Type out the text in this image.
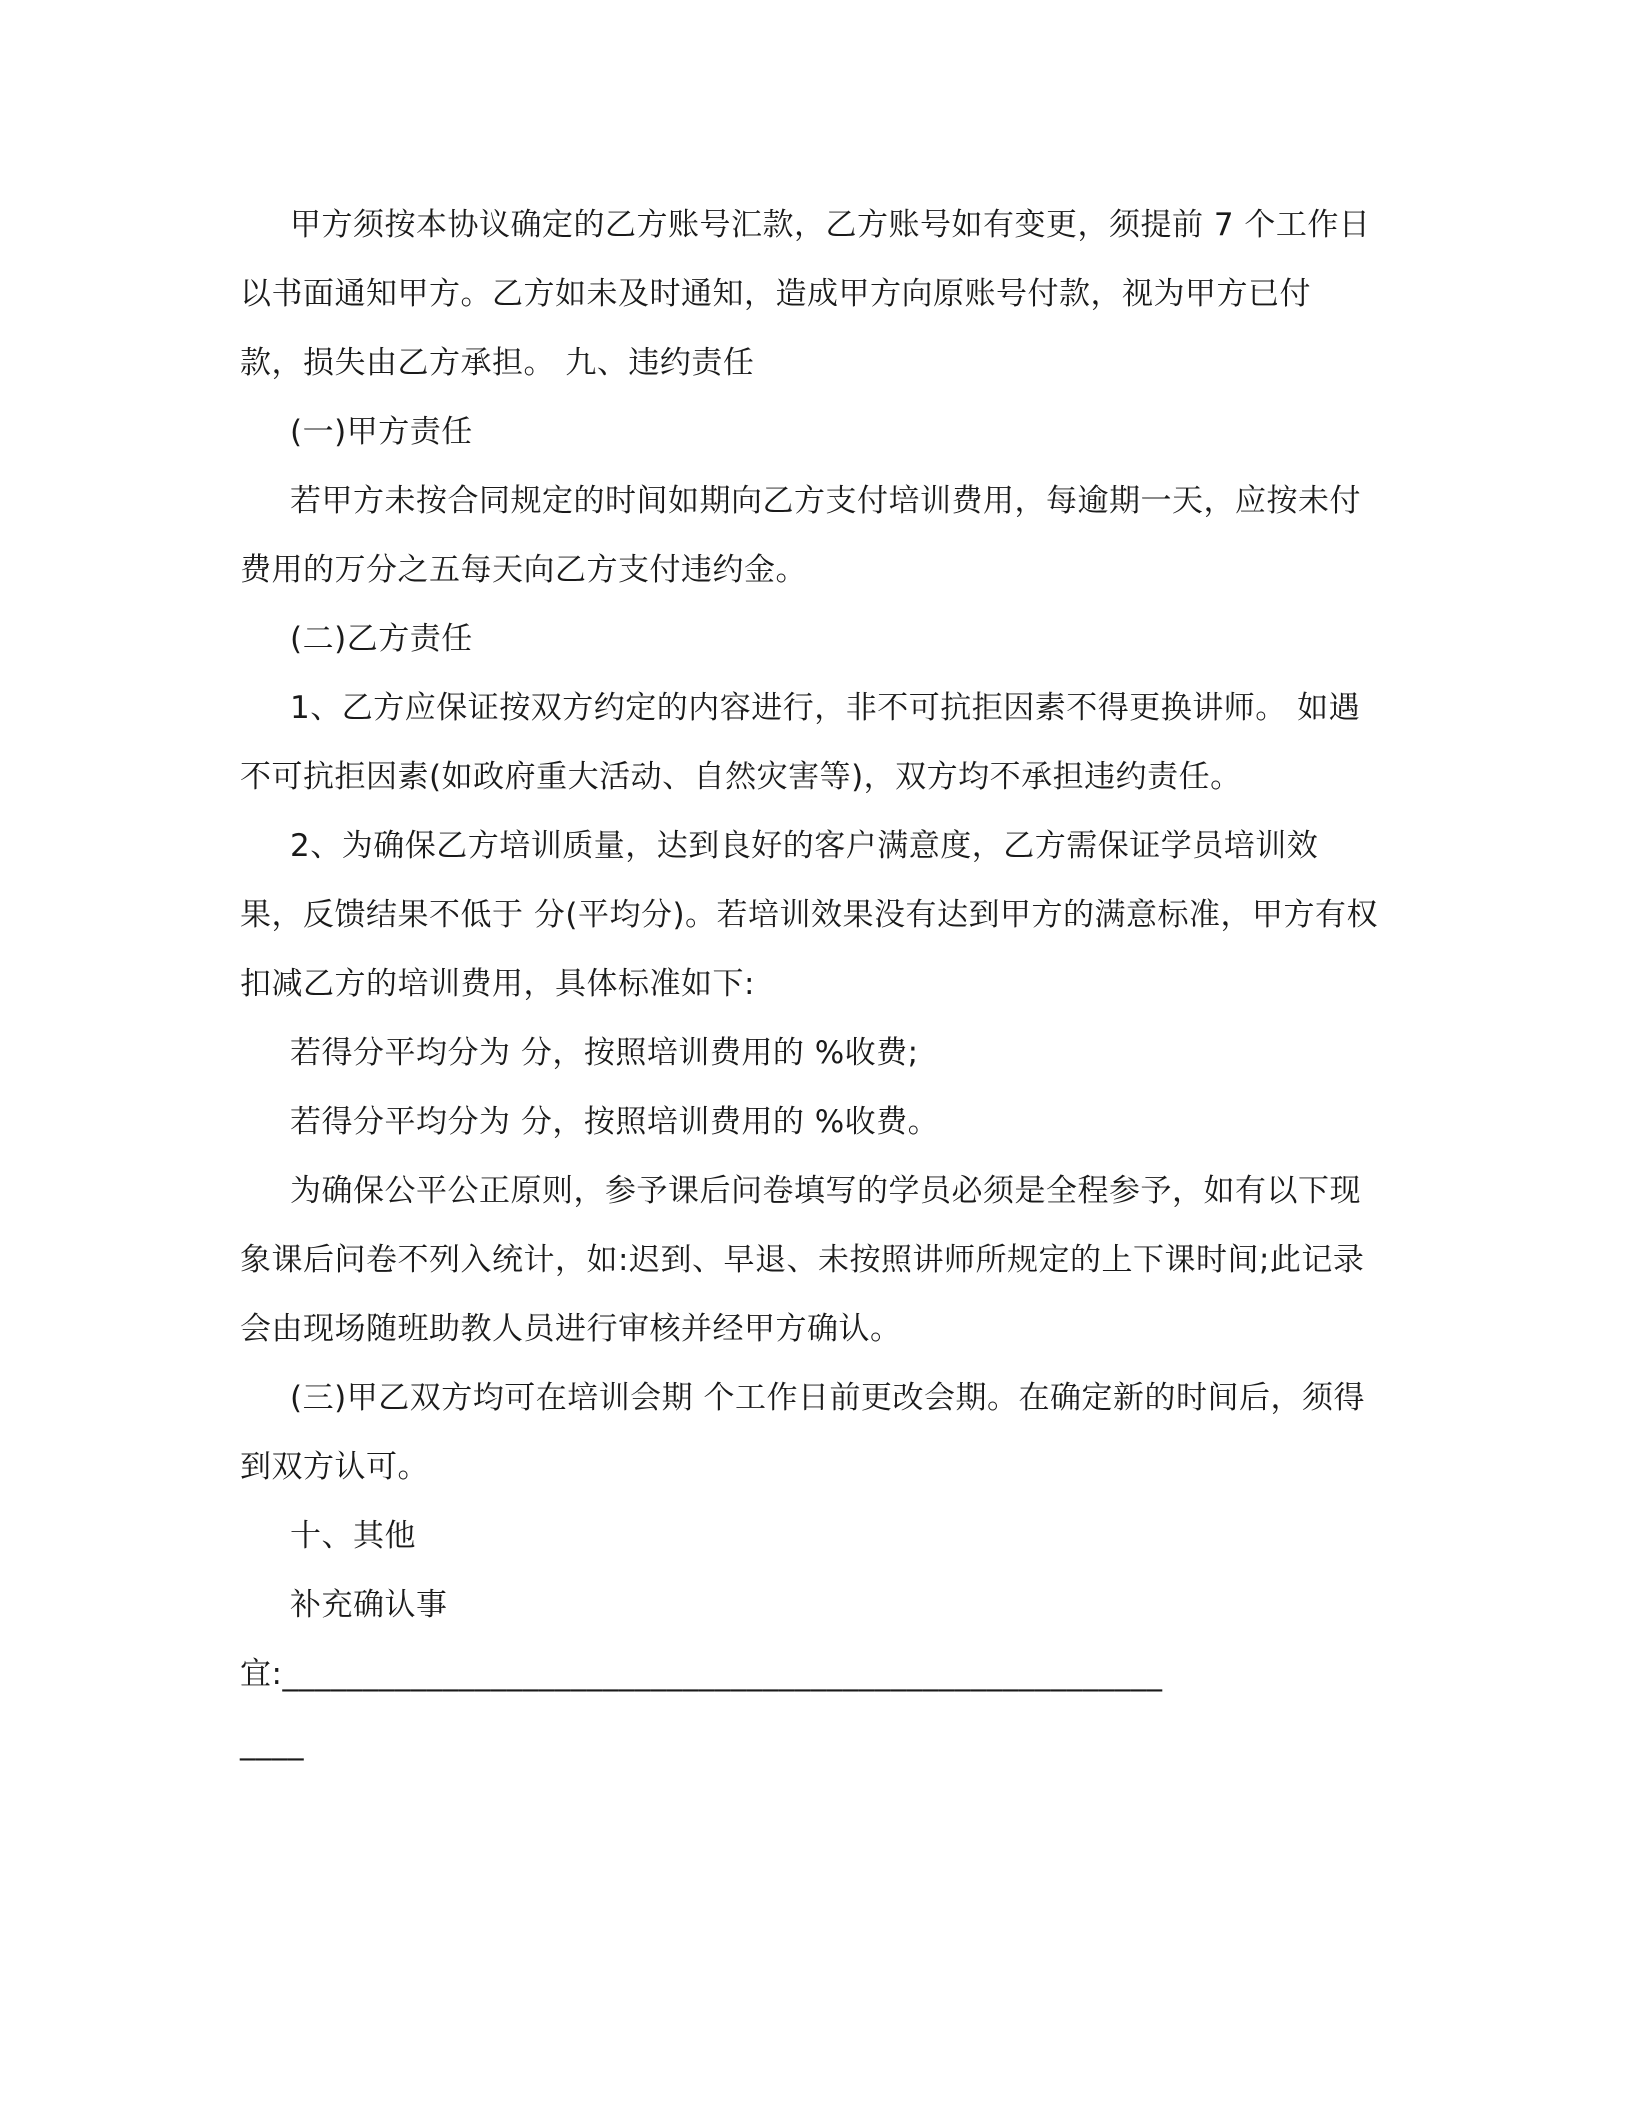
甲方须按本协议确定的乙方账号汇款，乙方账号如有变更，须提前 7 个工作日
以书面通知甲方。乙方如未及时通知，造成甲方向原账号付款，视为甲方已付
款，损失由乙方承担。 九、违约责任
(一)甲方责任
若甲方未按合同规定的时间如期向乙方支付培训费用，每逾期一天，应按未付
费用的万分之五每天向乙方支付违约金。
(二)乙方责任
1、乙方应保证按双方约定的内容进行，非不可抗拒因素不得更换讲师。 如遇
不可抗拒因素(如政府重大活动、自然灾害等)，双方均不承担违约责任。
2、为确保乙方培训质量，达到良好的客户满意度，乙方需保证学员培训效
果，反馈结果不低于 分(平均分)。若培训效果没有达到甲方的满意标准，甲方有权
扣减乙方的培训费用，具体标准如下:
若得分平均分为 分，按照培训费用的 %收费;
若得分平均分为 分，按照培训费用的 %收费。
为确保公平公正原则，参予课后问卷填写的学员必须是全程参予，如有以下现
象课后问卷不列入统计，如:迟到、早退、未按照讲师所规定的上下课时间;此记录
会由现场随班助教人员进行审核并经甲方确认。
(三)甲乙双方均可在培训会期 个工作日前更改会期。在确定新的时间后，须得
到双方认可。
十、其他
补充确认事
宜:_______________________________________________________
____
